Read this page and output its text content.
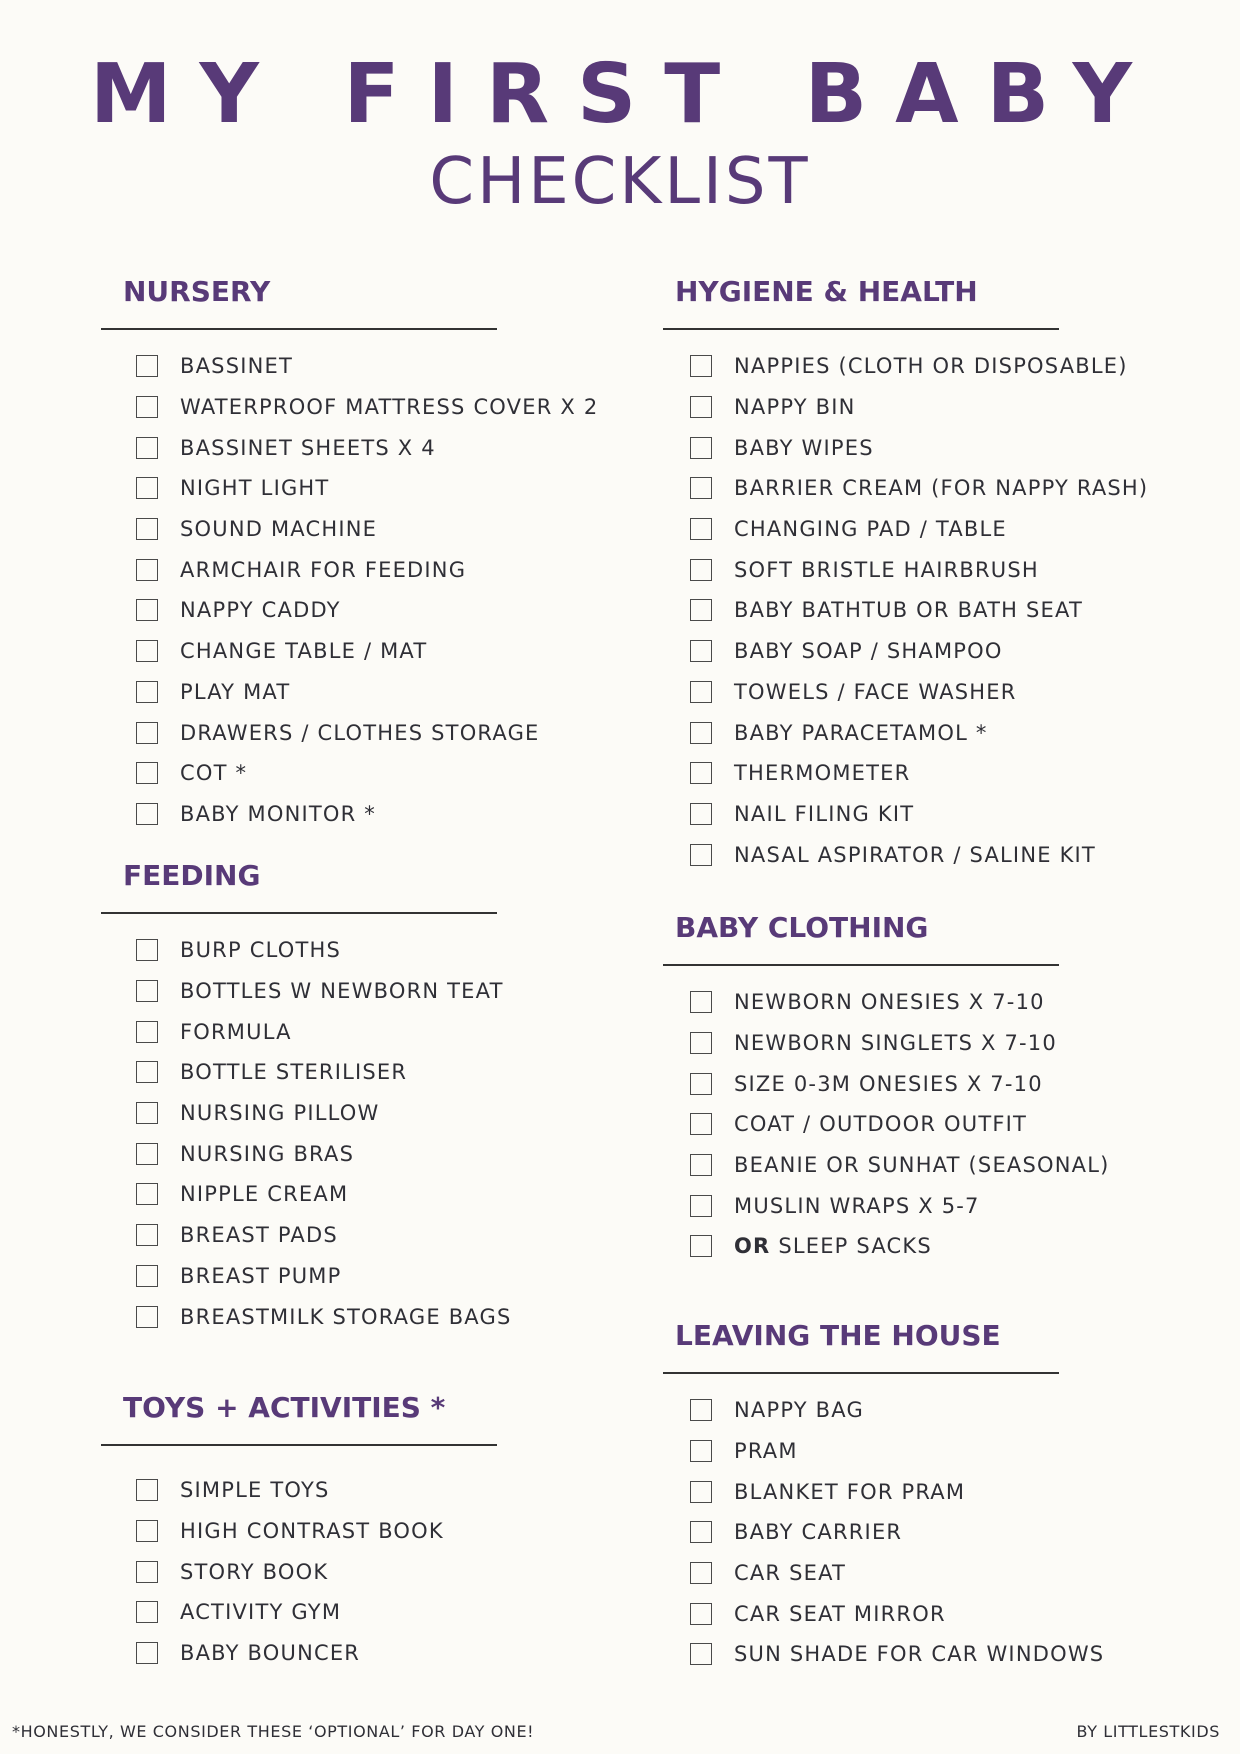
MY FIRST BABY
CHECKLIST
NURSERY
BASSINET
WATERPROOF MATTRESS COVER X 2
BASSINET SHEETS X 4
NIGHT LIGHT
SOUND MACHINE
ARMCHAIR FOR FEEDING
NAPPY CADDY
CHANGE TABLE / MAT
PLAY MAT
DRAWERS / CLOTHES STORAGE
COT *
BABY MONITOR *
FEEDING
BURP CLOTHS
BOTTLES W NEWBORN TEAT
FORMULA
BOTTLE STERILISER
NURSING PILLOW
NURSING BRAS
NIPPLE CREAM
BREAST PADS
BREAST PUMP
BREASTMILK STORAGE BAGS
TOYS + ACTIVITIES *
SIMPLE TOYS
HIGH CONTRAST BOOK
STORY BOOK
ACTIVITY GYM
BABY BOUNCER
HYGIENE & HEALTH
NAPPIES (CLOTH OR DISPOSABLE)
NAPPY BIN
BABY WIPES
BARRIER CREAM (FOR NAPPY RASH)
CHANGING PAD / TABLE
SOFT BRISTLE HAIRBRUSH
BABY BATHTUB OR BATH SEAT
BABY SOAP / SHAMPOO
TOWELS / FACE WASHER
BABY PARACETAMOL *
THERMOMETER
NAIL FILING KIT
NASAL ASPIRATOR / SALINE KIT
BABY CLOTHING
NEWBORN ONESIES X 7-10
NEWBORN SINGLETS X 7-10
SIZE 0-3M ONESIES X 7-10
COAT / OUTDOOR OUTFIT
BEANIE OR SUNHAT (SEASONAL)
MUSLIN WRAPS X 5-7
OR SLEEP SACKS
LEAVING THE HOUSE
NAPPY BAG
PRAM
BLANKET FOR PRAM
BABY CARRIER
CAR SEAT
CAR SEAT MIRROR
SUN SHADE FOR CAR WINDOWS
*HONESTLY, WE CONSIDER THESE ‘OPTIONAL’ FOR DAY ONE!	BY LITTLESTKIDS
